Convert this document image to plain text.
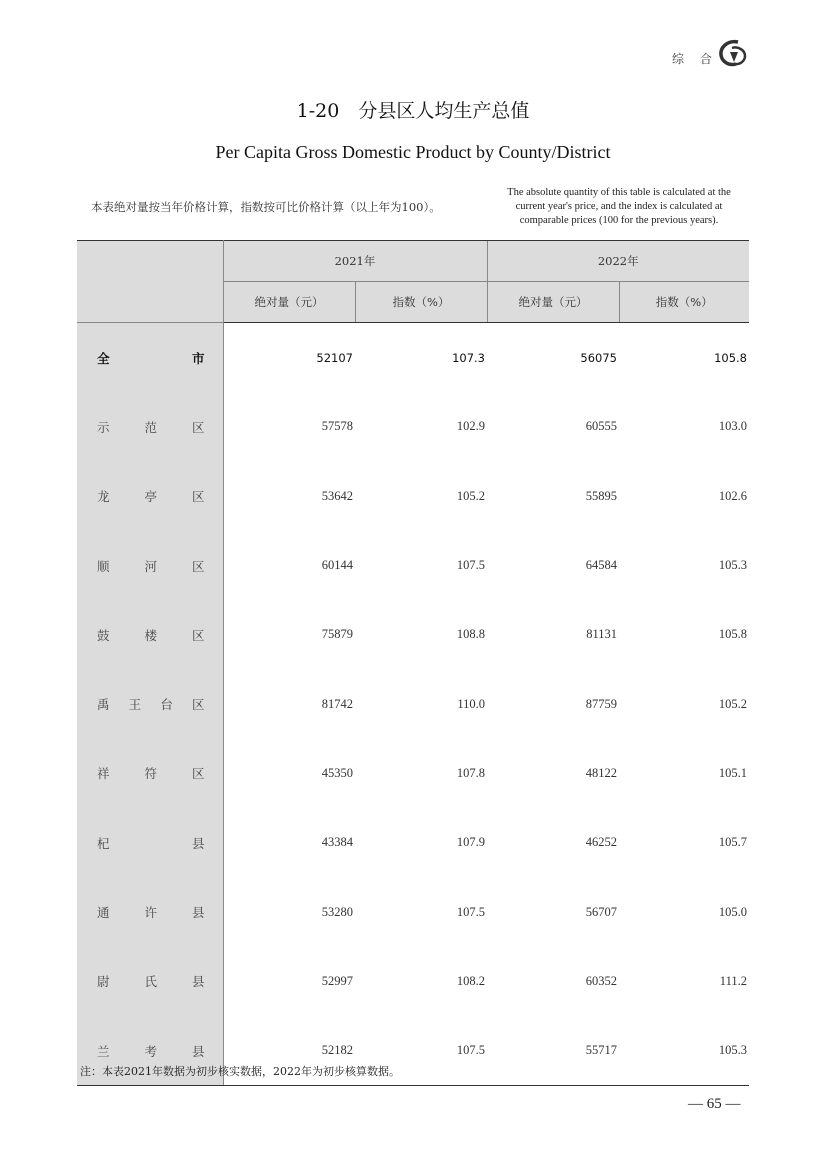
综 合
1-20　分县区人均生产总值
Per Capita Gross Domestic Product by County/District
本表绝对量按当年价格计算，指数按可比价格计算（以上年为100）。
The absolute quantity of this table is calculated at the current year's price, and the index is calculated at comparable prices (100 for the previous years).
	2021年		2022年	
	绝对量（元）	指数（%）	绝对量（元）	指数（%）

全 市	52107	107.3	56075	105.8

示 范 区	57578	102.9	60555	103.0

龙 亭 区	53642	105.2	55895	102.6

顺 河 区	60144	107.5	64584	105.3

鼓 楼 区	75879	108.8	81131	105.8

禹 王 台 区	81742	110.0	87759	105.2

祥 符 区	45350	107.8	48122	105.1

杞 县	43384	107.9	46252	105.7

通 许 县	53280	107.5	56707	105.0

尉 氏 县	52997	108.2	60352	111.2

兰 考 县	52182	107.5	55717	105.3
注：本表2021年数据为初步核实数据，2022年为初步核算数据。
— 65 —
